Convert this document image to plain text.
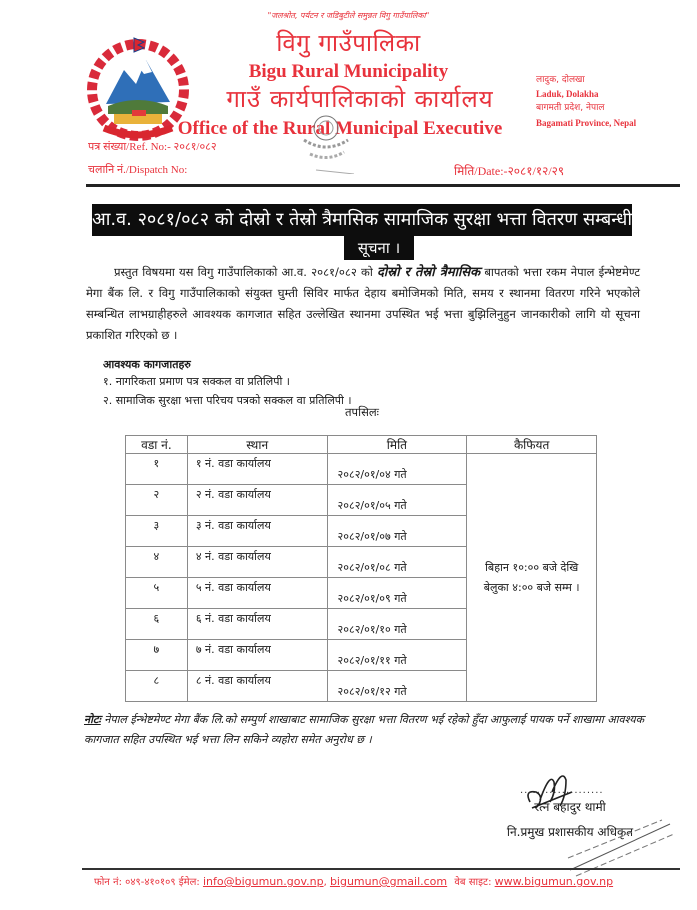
"जलश्रोत, पर्यटन र जडिबुटीले समुन्नत विगु गाउँपालिका"
विगु गाउँपालिका
Bigu Rural Municipality
गाउँ कार्यपालिकाको कार्यालय
Office of the Rural Municipal Executive
लादुक, दोलखा
Laduk, Dolakha
बागमती प्रदेश, नेपाल
Bagamati Province, Nepal
पत्र संख्या/Ref. No:- २०८१/०८२
चलानि नं./Dispatch No:	मिति/Date:-२०८१/१२/२९
आ.व. २०८१/०८२ को दोस्रो र तेस्रो त्रैमासिक सामाजिक सुरक्षा भत्ता वितरण सम्बन्धी
सूचना ।
प्रस्तुत विषयमा यस विगु गाउँपालिकाको आ.व. २०८१/०८२ को दोस्रो र तेस्रो त्रैमासिक बापतको भत्ता रकम नेपाल ईन्भेष्टमेण्ट मेगा बैंक लि. र विगु गाउँपालिकाको संयुक्त घुम्ती सिविर मार्फत देहाय बमोजिमको मिति, समय र स्थानमा वितरण गरिने भएकोले सम्बन्धित लाभग्राहीहरुले आवश्यक कागजात सहित उल्लेखित स्थानमा उपस्थित भई भत्ता बुझिलिनुहुन जानकारीको लागि यो सूचना प्रकाशित गरिएको छ ।
आवश्यक कागजातहरु
१. नागरिकता प्रमाण पत्र सक्कल वा प्रतिलिपी ।
२. सामाजिक सुरक्षा भत्ता परिचय पत्रको सक्कल वा प्रतिलिपी ।
तपसिलः
वडा नं.	स्थान	मिति	कैफियत
१	१ नं. वडा कार्यालय	२०८२/०१/०४ गते	बिहान १०:०० बजे देखि बेलुका ४:०० बजे सम्म ।
२	२ नं. वडा कार्यालय	२०८२/०१/०५ गते	
३	३ नं. वडा कार्यालय	२०८२/०१/०७ गते	
४	४ नं. वडा कार्यालय	२०८२/०१/०८ गते	
५	५ नं. वडा कार्यालय	२०८२/०१/०९ गते	
६	६ नं. वडा कार्यालय	२०८२/०१/१० गते	
७	७ नं. वडा कार्यालय	२०८२/०१/११ गते	
८	८ नं. वडा कार्यालय	२०८२/०१/१२ गते	
नोटः नेपाल ईन्भेष्टमेण्ट मेगा बैंक लि.को सम्पुर्ण शाखाबाट सामाजिक सुरक्षा भत्ता वितरण भई रहेको हुँदा आफुलाई पायक पर्ने शाखामा आवश्यक कागजात सहित उपस्थित भई भत्ता लिन सकिने व्यहोरा समेत अनुरोध छ ।
....................
रत्न बहादुर थामी
नि.प्रमुख प्रशासकीय अधिकृत
फोन नं: ०४९-४१०१०९ ईमेल: info@bigumun.gov.np, bigumun@gmail.com वेब साइट: www.bigumun.gov.np
